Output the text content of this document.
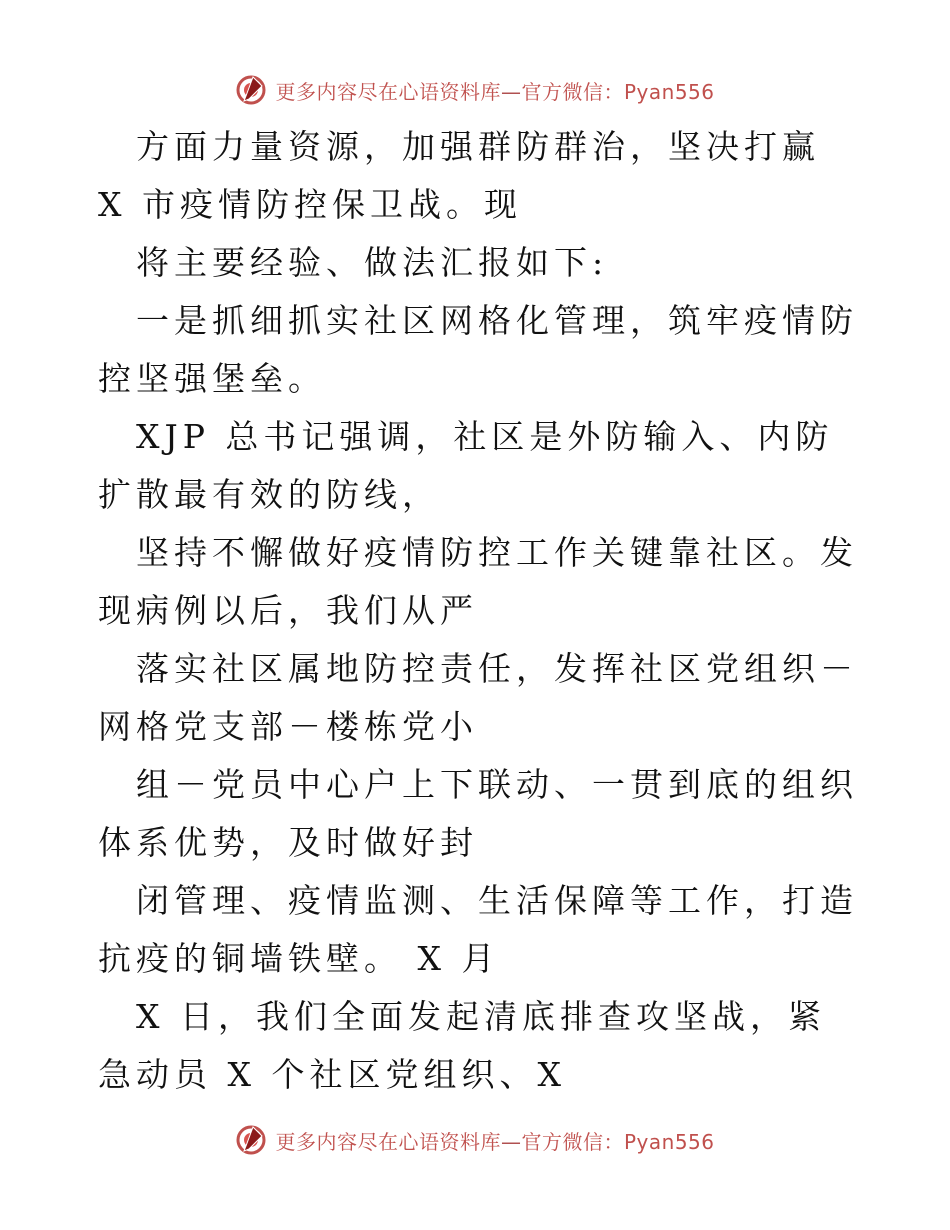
更多内容尽在心语资料库—官方微信：Pyan556

方面力量资源，加强群防群治，坚决打赢 X 市疫情防控保卫战。现

将主要经验、做法汇报如下:

一是抓细抓实社区网格化管理，筑牢疫情防控坚强堡垒。

XJP 总书记强调，社区是外防输入、内防扩散最有效的防线，

坚持不懈做好疫情防控工作关键靠社区。发现病例以后，我们从严

落实社区属地防控责任，发挥社区党组织－网格党支部－楼栋党小

组－党员中心户上下联动、一贯到底的组织体系优势，及时做好封

闭管理、疫情监测、生活保障等工作，打造抗疫的铜墙铁壁。 X 月

X 日，我们全面发起清底排查攻坚战，紧急动员 X 个社区党组织、X

更多内容尽在心语资料库—官方微信：Pyan556
